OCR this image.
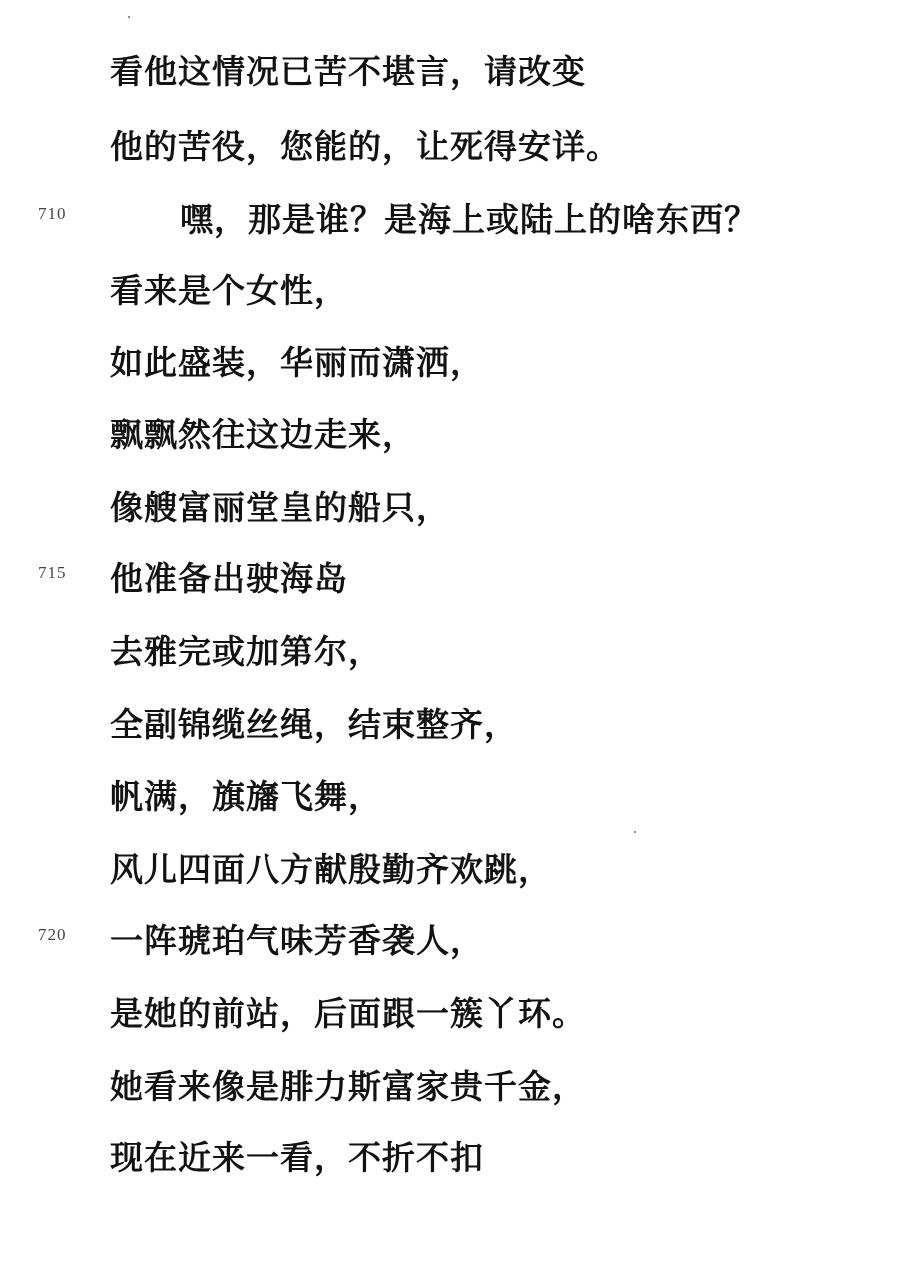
看他这情况已苦不堪言，请改变
他的苦役，您能的，让死得安详。
710	嘿，那是谁？是海上或陆上的啥东西？
看来是个女性，
如此盛装，华丽而潇洒，
飘飘然往这边走来，
像艘富丽堂皇的船只，
715 他准备出驶海岛
去雅完或加第尔，
全副锦缆丝绳，结束整齐，
帆满，旗旛飞舞，
风儿四面八方献殷勤齐欢跳，
720 一阵琥珀气味芳香袭人，
是她的前站，后面跟一簇丫环。
她看来像是腓力斯富家贵千金，
现在近来一看，不折不扣
